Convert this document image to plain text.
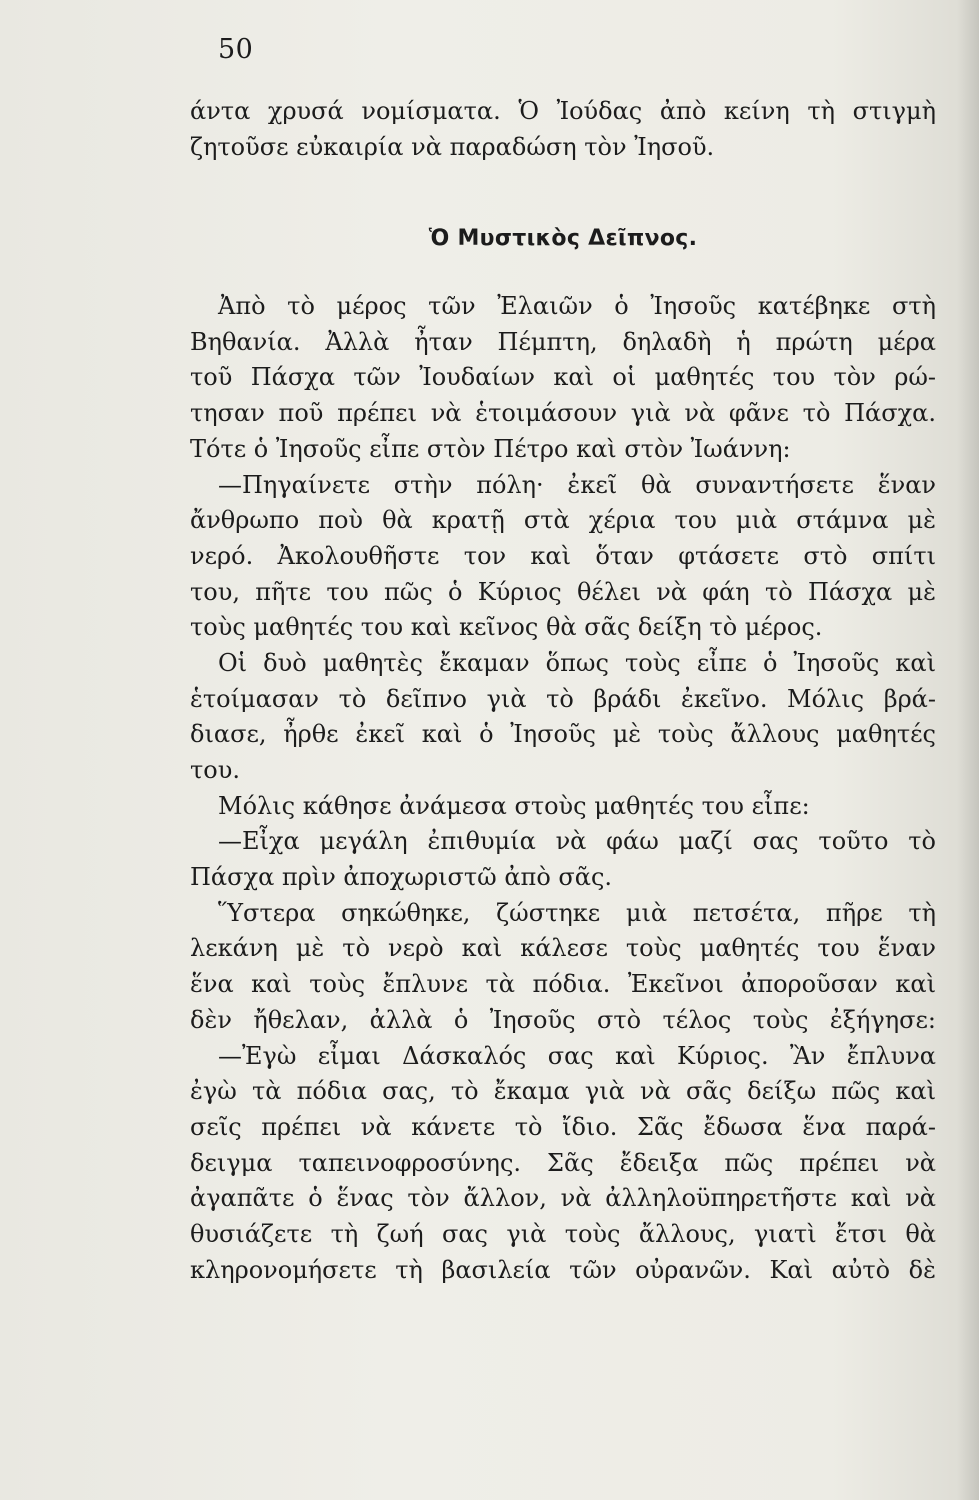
50
άντα χρυσά νομίσματα. Ὁ Ἰούδας ἀπὸ κείνη τὴ στιγμὴ
ζητοῦσε εὐκαιρία νὰ παραδώση τὸν Ἰησοῦ.
Ὁ Μυστικὸς Δεῖπνος.
Ἀπὸ τὸ μέρος τῶν Ἐλαιῶν ὁ Ἰησοῦς κατέβηκε στὴ
Βηθανία. Ἀλλὰ ἦταν Πέμπτη, δηλαδὴ ἡ πρώτη μέρα
τοῦ Πάσχα τῶν Ἰουδαίων καὶ οἱ μαθητές του τὸν ρώ-
τησαν ποῦ πρέπει νὰ ἑτοιμάσουν γιὰ νὰ φᾶνε τὸ Πάσχα.
Τότε ὁ Ἰησοῦς εἶπε στὸν Πέτρο καὶ στὸν Ἰωάννη:
—Πηγαίνετε στὴν πόλη· ἐκεῖ θὰ συναντήσετε ἕναν
ἄνθρωπο ποὺ θὰ κρατῇ στὰ χέρια του μιὰ στάμνα μὲ
νερό. Ἀκολουθῆστε τον καὶ ὅταν φτάσετε στὸ σπίτι
του, πῆτε του πῶς ὁ Κύριος θέλει νὰ φάη τὸ Πάσχα μὲ
τοὺς μαθητές του καὶ κεῖνος θὰ σᾶς δείξη τὸ μέρος.
Οἱ δυὸ μαθητὲς ἔκαμαν ὅπως τοὺς εἶπε ὁ Ἰησοῦς καὶ
ἑτοίμασαν τὸ δεῖπνο γιὰ τὸ βράδι ἐκεῖνο. Μόλις βρά-
διασε, ἦρθε ἐκεῖ καὶ ὁ Ἰησοῦς μὲ τοὺς ἄλλους μαθητές
του.
Μόλις κάθησε ἀνάμεσα στοὺς μαθητές του εἶπε:
—Εἶχα μεγάλη ἐπιθυμία νὰ φάω μαζί σας τοῦτο τὸ
Πάσχα πρὶν ἀποχωριστῶ ἀπὸ σᾶς.
Ὕστερα σηκώθηκε, ζώστηκε μιὰ πετσέτα, πῆρε τὴ
λεκάνη μὲ τὸ νερὸ καὶ κάλεσε τοὺς μαθητές του ἕναν
ἕνα καὶ τοὺς ἔπλυνε τὰ πόδια. Ἐκεῖνοι ἀποροῦσαν καὶ
δὲν ἤθελαν, ἀλλὰ ὁ Ἰησοῦς στὸ τέλος τοὺς ἐξήγησε:
—Ἐγὼ εἶμαι Δάσκαλός σας καὶ Κύριος. Ἂν ἔπλυνα
ἐγὼ τὰ πόδια σας, τὸ ἔκαμα γιὰ νὰ σᾶς δείξω πῶς καὶ
σεῖς πρέπει νὰ κάνετε τὸ ἴδιο. Σᾶς ἔδωσα ἕνα παρά-
δειγμα ταπεινοφροσύνης. Σᾶς ἔδειξα πῶς πρέπει νὰ
ἀγαπᾶτε ὁ ἕνας τὸν ἄλλον, νὰ ἀλληλοϋπηρετῆστε καὶ νὰ
θυσιάζετε τὴ ζωή σας γιὰ τοὺς ἄλλους, γιατὶ ἔτσι θὰ
κληρονομήσετε τὴ βασιλεία τῶν οὐρανῶν. Καὶ αὐτὸ δὲ
